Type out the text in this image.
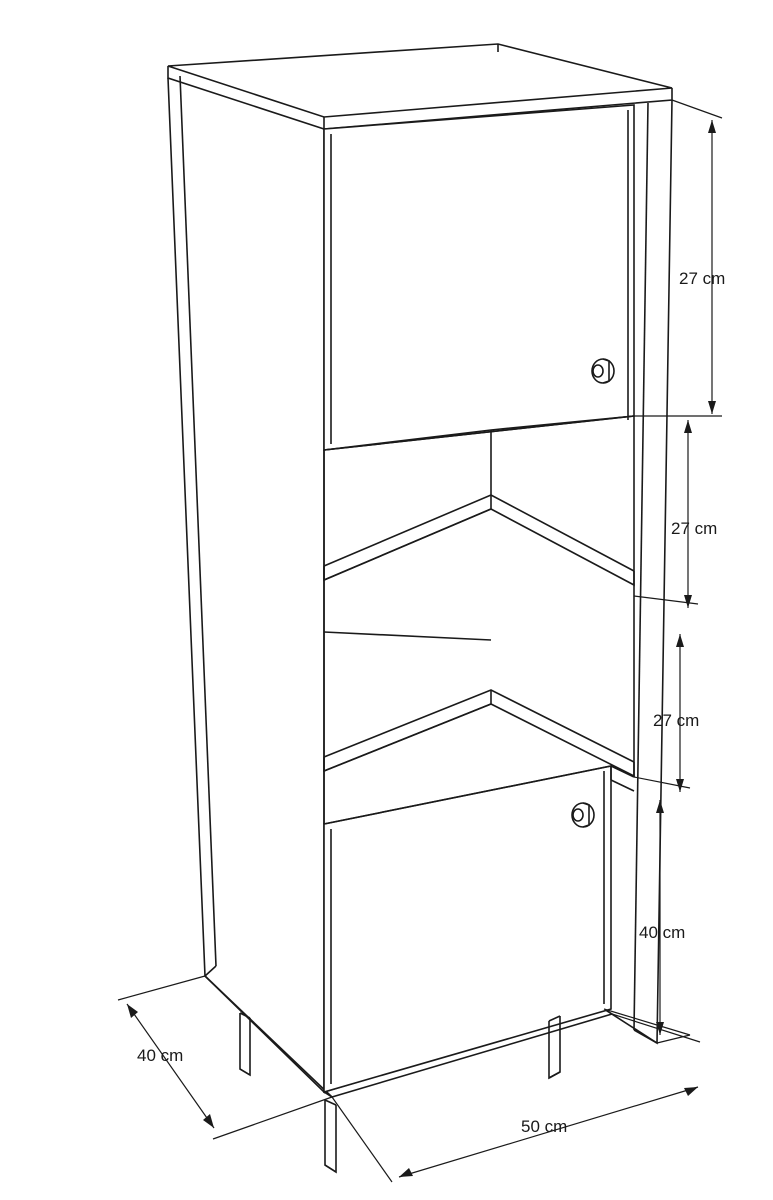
27 cm
27 cm
27 cm
40 cm
40 cm
50 cm
